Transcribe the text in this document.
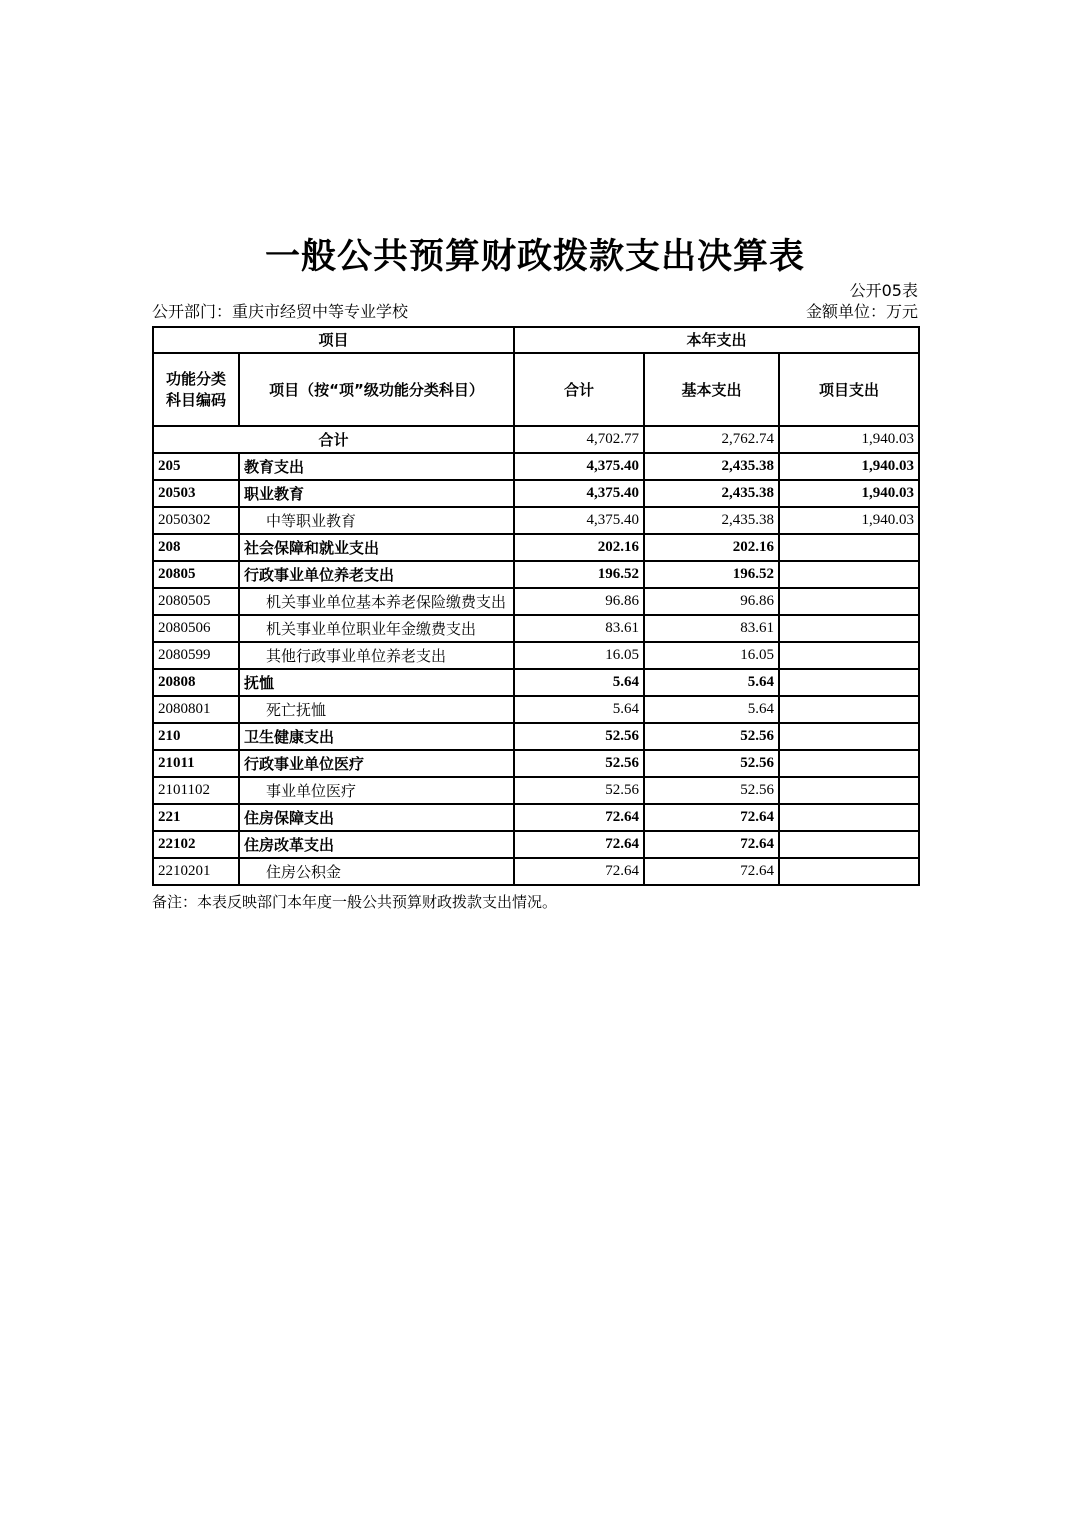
一般公共预算财政拨款支出决算表
公开05表
公开部门：重庆市经贸中等专业学校	金额单位：万元
项目		本年支出		
功能分类科目编码	项目（按“项”级功能分类科目）	合计	基本支出	项目支出
合计		4,702.77	2,762.74	1,940.03
205	教育支出	4,375.40	2,435.38	1,940.03
20503	职业教育	4,375.40	2,435.38	1,940.03
2050302	中等职业教育	4,375.40	2,435.38	1,940.03
208	社会保障和就业支出	202.16	202.16	
20805	行政事业单位养老支出	196.52	196.52	
2080505	机关事业单位基本养老保险缴费支出	96.86	96.86	
2080506	机关事业单位职业年金缴费支出	83.61	83.61	
2080599	其他行政事业单位养老支出	16.05	16.05	
20808	抚恤	5.64	5.64	
2080801	死亡抚恤	5.64	5.64	
210	卫生健康支出	52.56	52.56	
21011	行政事业单位医疗	52.56	52.56	
2101102	事业单位医疗	52.56	52.56	
221	住房保障支出	72.64	72.64	
22102	住房改革支出	72.64	72.64	
2210201	住房公积金	72.64	72.64	
备注：本表反映部门本年度一般公共预算财政拨款支出情况。
